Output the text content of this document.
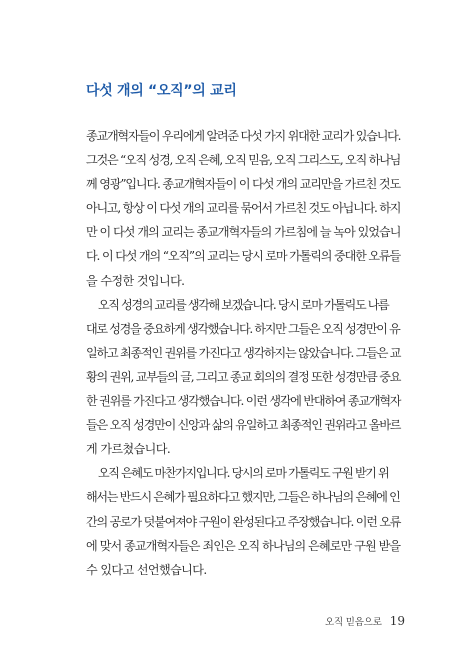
다섯 개의 “오직”의 교리
종교개혁자들이 우리에게 알려준 다섯 가지 위대한 교리가 있습니다.
그것은 “오직 성경, 오직 은혜, 오직 믿음, 오직 그리스도, 오직 하나님
께 영광”입니다. 종교개혁자들이 이 다섯 개의 교리만을 가르친 것도
아니고, 항상 이 다섯 개의 교리를 묶어서 가르친 것도 아닙니다. 하지
만 이 다섯 개의 교리는 종교개혁자들의 가르침에 늘 녹아 있었습니
다. 이 다섯 개의 “오직”의 교리는 당시 로마 가톨릭의 중대한 오류들
을 수정한 것입니다.
오직 성경의 교리를 생각해 보겠습니다. 당시 로마 가톨릭도 나름
대로 성경을 중요하게 생각했습니다. 하지만 그들은 오직 성경만이 유
일하고 최종적인 권위를 가진다고 생각하지는 않았습니다. 그들은 교
황의 권위, 교부들의 글, 그리고 종교 회의의 결정 또한 성경만큼 중요
한 권위를 가진다고 생각했습니다. 이런 생각에 반대하여 종교개혁자
들은 오직 성경만이 신앙과 삶의 유일하고 최종적인 권위라고 올바르
게 가르쳤습니다.
오직 은혜도 마찬가지입니다. 당시의 로마 가톨릭도 구원 받기 위
해서는 반드시 은혜가 필요하다고 했지만, 그들은 하나님의 은혜에 인
간의 공로가 덧붙여져야 구원이 완성된다고 주장했습니다. 이런 오류
에 맞서 종교개혁자들은 죄인은 오직 하나님의 은혜로만 구원 받을
수 있다고 선언했습니다.
오직 믿음으로 19
